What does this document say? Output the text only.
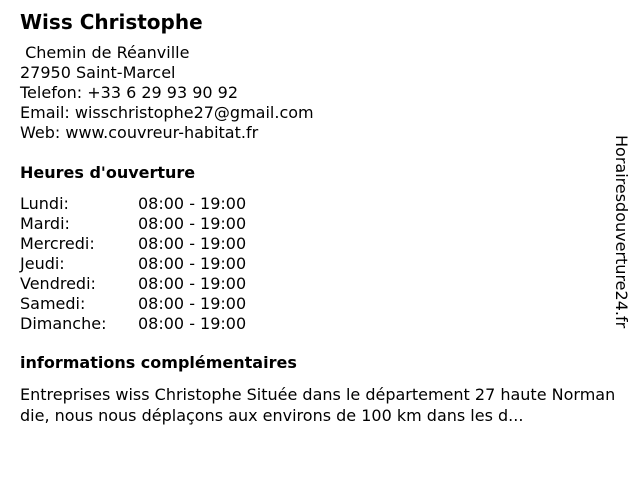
Wiss Christophe
Chemin de Réanville
27950 Saint-Marcel
Telefon: +33 6 29 93 90 92
Email: wisschristophe27@gmail.com
Web: www.couvreur-habitat.fr
Heures d'ouverture
Lundi:	08:00 - 19:00
Mardi:	08:00 - 19:00
Mercredi:	08:00 - 19:00
Jeudi:	08:00 - 19:00
Vendredi:	08:00 - 19:00
Samedi:	08:00 - 19:00
Dimanche: 08:00 - 19:00
informations complémentaires
Entreprises wiss Christophe Située dans le département 27 haute Normandie, nous nous déplaçons aux environs de 100 km dans les d...
Horairesdouverture24.fr
